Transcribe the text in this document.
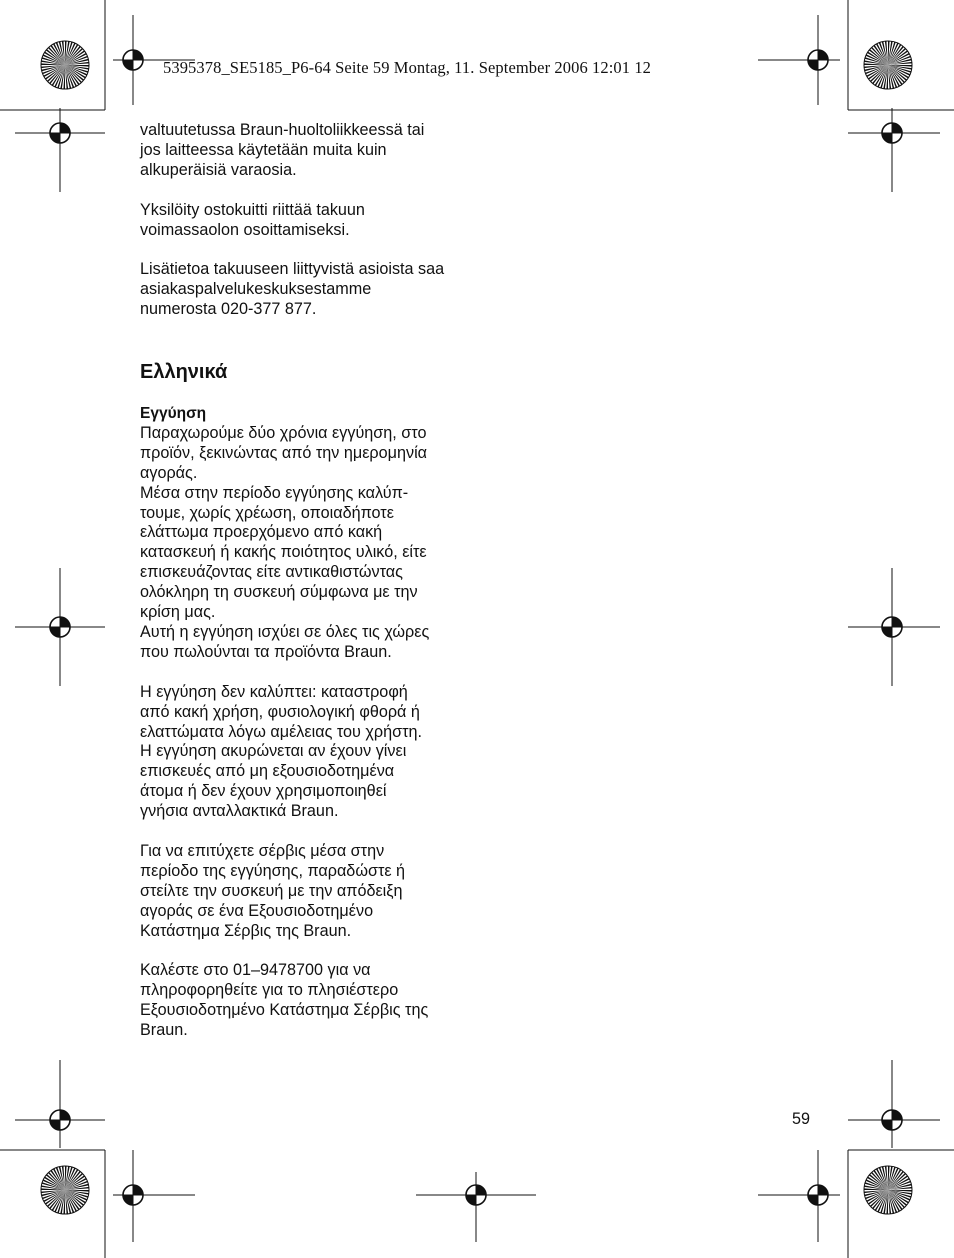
5395378_SE5185_P6-64 Seite 59 Montag, 11. September 2006 12:01 12

valtuutetussa Braun-huoltoliikkeessä tai
jos laitteessa käytetään muita kuin
alkuperäisiä varaosia.

Yksilöity ostokuitti riittää takuun
voimassaolon osoittamiseksi.

Lisätietoa takuuseen liittyvistä asioista saa
asiakaspalvelukeskuksestamme
numerosta 020-377 877.

Ελληνικά

Εγγύηση

Παραχωρούμε δύο χρόνια εγγύηση, στο
προϊόν, ξεκινώντας από την ημερομηνία
αγοράς.
Μέσα στην περίοδο εγγύησης καλύπ-
τουμε, χωρίς χρέωση, οποιαδήποτε
ελάττωμα προερχόμενο από κακή
κατασκευή ή κακής ποιότητος υλικό, είτε
επισκευάζοντας είτε αντικαθιστώντας
ολόκληρη τη συσκευή σύμφωνα με την
κρίση μας.
Αυτή η εγγύηση ισχύει σε όλες τις χώρες
που πωλούνται τα προϊόντα Braun.

Η εγγύηση δεν καλύπτει: καταστροφή
από κακή χρήση, φυσιολογική φθορά ή
ελαττώματα λόγω αμέλειας του χρήστη.
Η εγγύηση ακυρώνεται αν έχουν γίνει
επισκευές από μη εξουσιοδοτημένα
άτομα ή δεν έχουν χρησιμοποιηθεί
γνήσια ανταλλακτικά Braun.

Για να επιτύχετε σέρβις μέσα στην
περίοδο της εγγύησης, παραδώστε ή
στείλτε την συσκευή με την απόδειξη
αγοράς σε ένα Εξουσιοδοτημένο
Κατάστημα Σέρβις της Braun.

Καλέστε στο 01–9478700 για να
πληροφορηθείτε για το πλησιέστερο
Εξουσιοδοτημένο Κατάστημα Σέρβις της
Braun.

59
